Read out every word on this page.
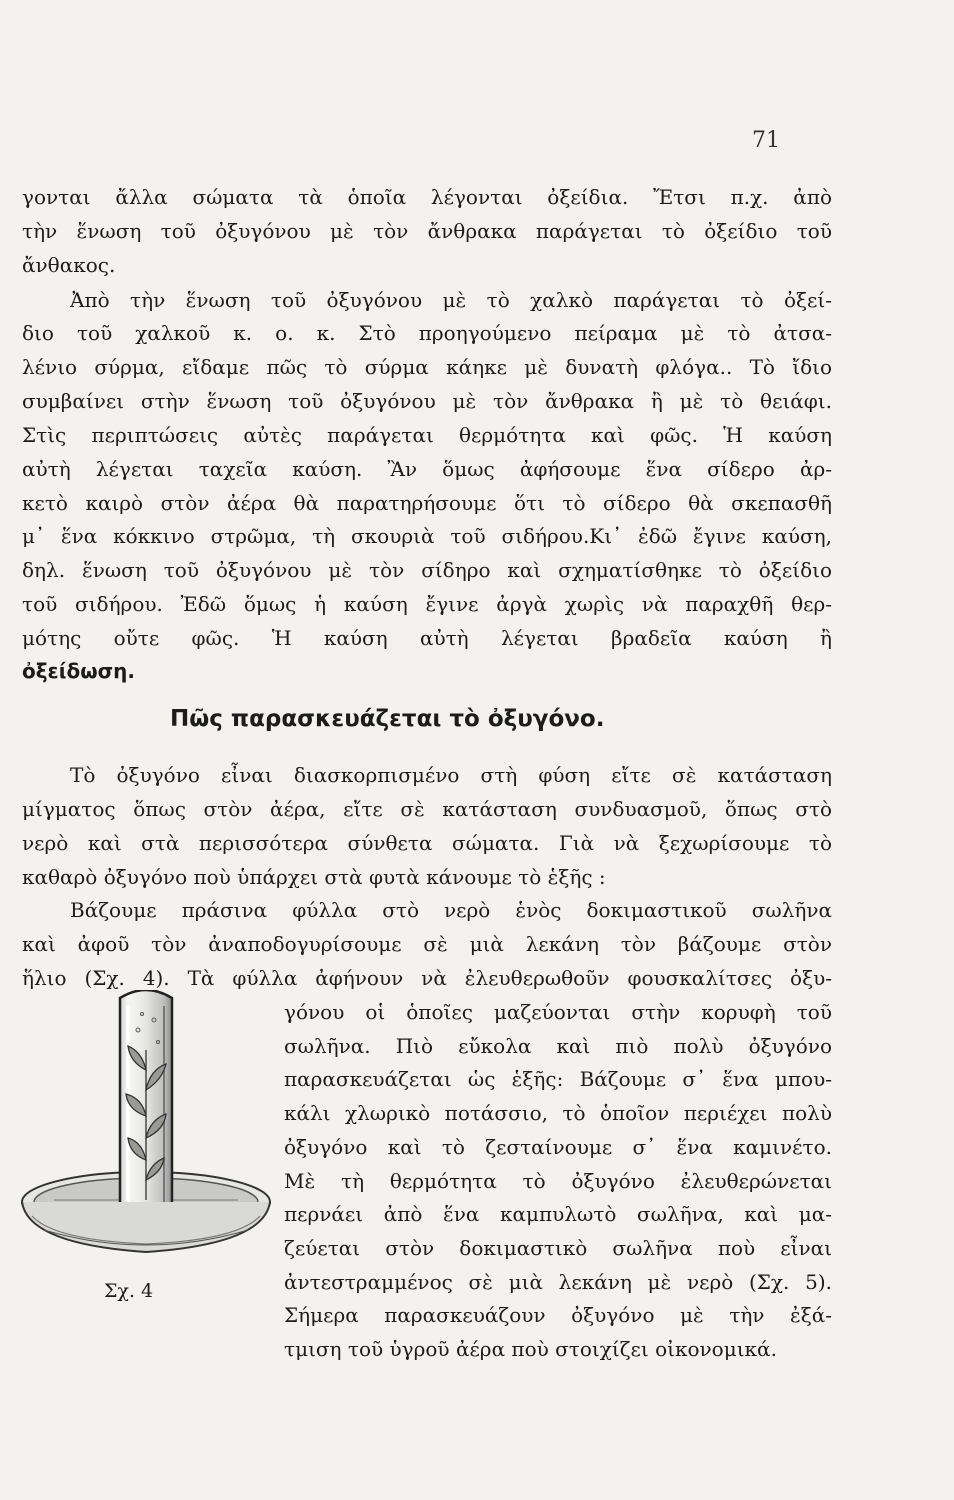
71
γονται ἄλλα σώματα τὰ ὁποῖα λέγονται ὀξείδια. Ἔτσι π.χ. ἀπὸ
τὴν ἕνωση τοῦ ὀξυγόνου μὲ τὸν ἄνθρακα παράγεται τὸ ὀξείδιο τοῦ
ἄνθακος.
Ἀπὸ τὴν ἕνωση τοῦ ὀξυγόνου μὲ τὸ χαλκὸ παράγεται τὸ ὀξεί-
διο τοῦ χαλκοῦ κ. ο. κ. Στὸ προηγούμενο πείραμα μὲ τὸ ἀτσα-
λένιο σύρμα, εἴδαμε πῶς τὸ σύρμα κάηκε μὲ δυνατὴ φλόγα.. Τὸ ἴδιο
συμβαίνει στὴν ἕνωση τοῦ ὀξυγόνου μὲ τὸν ἄνθρακα ἢ μὲ τὸ θειάφι.
Στὶς περιπτώσεις αὐτὲς παράγεται θερμότητα καὶ φῶς. Ἡ καύση
αὐτὴ λέγεται ταχεῖα καύση. Ἂν ὅμως ἀφήσουμε ἕνα σίδερο ἀρ-
κετὸ καιρὸ στὸν ἀέρα θὰ παρατηρήσουμε ὅτι τὸ σίδερο θὰ σκεπασθῆ
μ᾽ ἕνα κόκκινο στρῶμα, τὴ σκουριὰ τοῦ σιδήρου.Κι᾽ ἐδῶ ἔγινε καύση,
δηλ. ἕνωση τοῦ ὀξυγόνου μὲ τὸν σίδηρο καὶ σχηματίσθηκε τὸ ὀξείδιο
τοῦ σιδήρου. Ἐδῶ ὅμως ἡ καύση ἔγινε ἀργὰ χωρὶς νὰ παραχθῆ θερ-
μότης οὔτε φῶς. Ἡ καύση αὐτὴ λέγεται βραδεῖα καύση ἢ
ὀξείδωση.
Πῶς παρασκευάζεται τὸ ὀξυγόνο.
Τὸ ὀξυγόνο εἶναι διασκορπισμένο στὴ φύση εἴτε σὲ κατάσταση
μίγματος ὅπως στὸν ἀέρα, εἴτε σὲ κατάσταση συνδυασμοῦ, ὅπως στὸ
νερὸ καὶ στὰ περισσότερα σύνθετα σώματα. Γιὰ νὰ ξεχωρίσουμε τὸ
καθαρὸ ὀξυγόνο ποὺ ὑπάρχει στὰ φυτὰ κάνουμε τὸ ἑξῆς :
Βάζουμε πράσινα φύλλα στὸ νερὸ ἑνὸς δοκιμαστικοῦ σωλῆνα
καὶ ἀφοῦ τὸν ἀναποδογυρίσουμε σὲ μιὰ λεκάνη τὸν βάζουμε στὸν
ἥλιο (Σχ. 4). Τὰ φύλλα ἀφήνουν νὰ ἐλευθερωθοῦν φουσκαλίτσες ὀξυ-
γόνου οἱ ὁποῖες μαζεύονται στὴν κορυφὴ τοῦ
σωλῆνα. Πιὸ εὔκολα καὶ πιὸ πολὺ ὀξυγόνο
παρασκευάζεται ὡς ἑξῆς: Βάζουμε σ᾽ ἕνα μπου-
κάλι χλωρικὸ ποτάσσιο, τὸ ὁποῖον περιέχει πολὺ
ὀξυγόνο καὶ τὸ ζεσταίνουμε σ᾽ ἕνα καμινέτο.
Μὲ τὴ θερμότητα τὸ ὀξυγόνο ἐλευθερώνεται
περνάει ἀπὸ ἕνα καμπυλωτὸ σωλῆνα, καὶ μα-
ζεύεται στὸν δοκιμαστικὸ σωλῆνα ποὺ εἶναι
ἀντεστραμμένος σὲ μιὰ λεκάνη μὲ νερὸ (Σχ. 5).
Σήμερα παρασκευάζουν ὀξυγόνο μὲ τὴν ἐξά-
τμιση τοῦ ὑγροῦ ἀέρα ποὺ στοιχίζει οἰκονομικά.
Σχ. 4
